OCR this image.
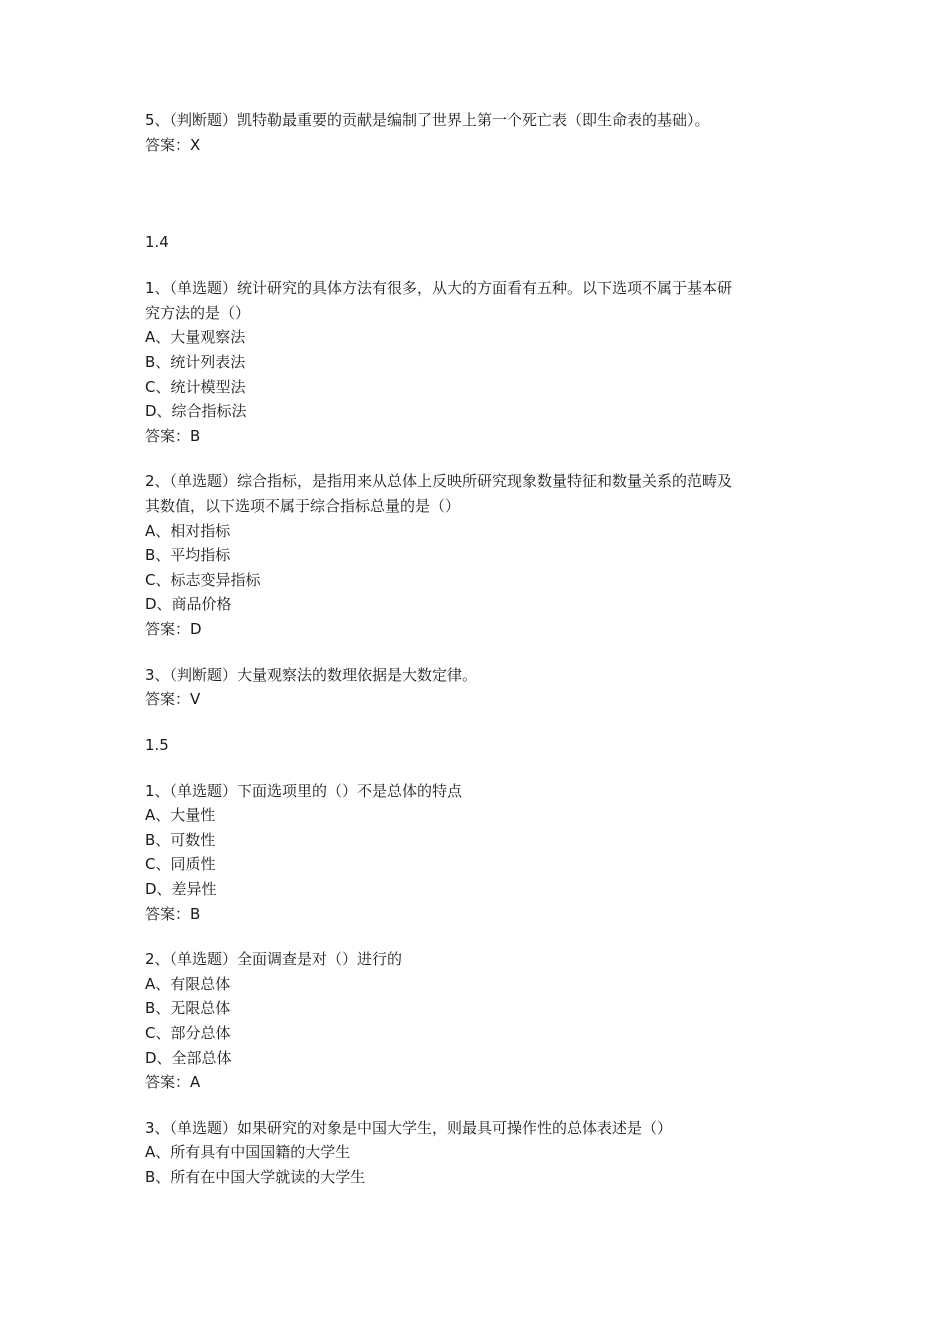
5、（判断题）凯特勒最重要的贡献是编制了世界上第一个死亡表（即生命表的基础）。
答案：X
1.4
1、（单选题）统计研究的具体方法有很多，从大的方面看有五种。以下选项不属于基本研
究方法的是（）
A、大量观察法
B、统计列表法
C、统计模型法
D、综合指标法
答案：B
2、（单选题）综合指标，是指用来从总体上反映所研究现象数量特征和数量关系的范畴及
其数值，以下选项不属于综合指标总量的是（）
A、相对指标
B、平均指标
C、标志变异指标
D、商品价格
答案：D
3、（判断题）大量观察法的数理依据是大数定律。
答案：V
1.5
1、（单选题）下面选项里的（）不是总体的特点
A、大量性
B、可数性
C、同质性
D、差异性
答案：B
2、（单选题）全面调查是对（）进行的
A、有限总体
B、无限总体
C、部分总体
D、全部总体
答案：A
3、（单选题）如果研究的对象是中国大学生，则最具可操作性的总体表述是（）
A、所有具有中国国籍的大学生
B、所有在中国大学就读的大学生
